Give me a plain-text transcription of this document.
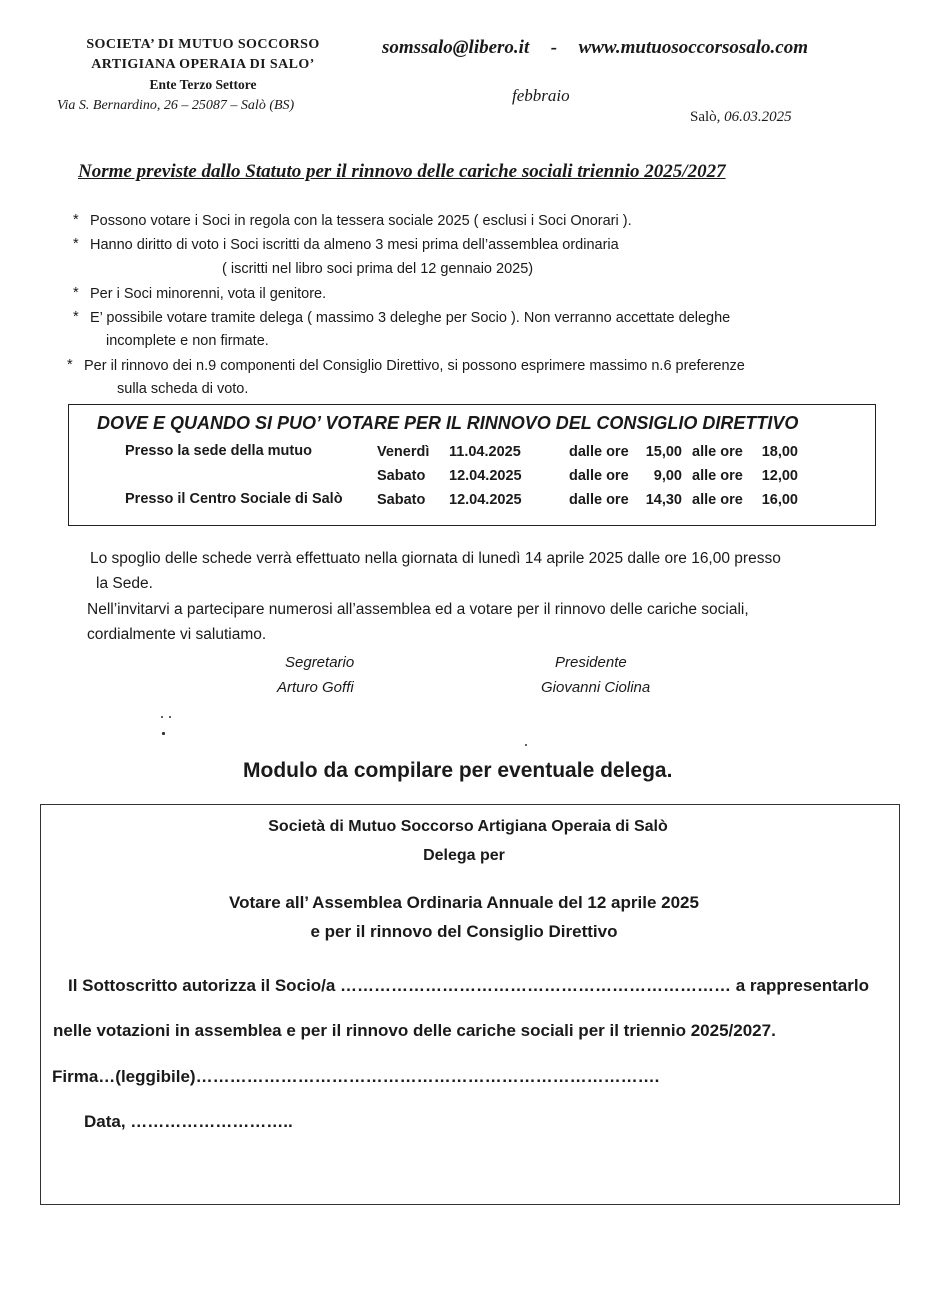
SOCIETA’ DI MUTUO SOCCORSO
ARTIGIANA OPERAIA DI SALO’
Ente Terzo Settore
Via S. Bernardino, 26 – 25087 – Salò (BS)
somssalo@libero.it - www.mutuosoccorsosalo.com
febbraio
Salò, 06.03.2025
Norme previste dallo Statuto per il rinnovo delle cariche sociali triennio 2025/2027
* Possono votare i Soci in regola con la tessera sociale 2025 ( esclusi i Soci Onorari ).
* Hanno diritto di voto i Soci iscritti da almeno 3 mesi prima dell’assemblea ordinaria
( iscritti nel libro soci prima del 12 gennaio 2025)
* Per i Soci minorenni, vota il genitore.
* E’ possibile votare tramite delega ( massimo 3 deleghe per Socio ). Non verranno accettate deleghe
incomplete e non firmate.
* Per il rinnovo dei n.9 componenti del Consiglio Direttivo, si possono esprimere massimo n.6 preferenze
sulla scheda di voto.
DOVE E QUANDO SI PUO’ VOTARE PER IL RINNOVO DEL CONSIGLIO DIRETTIVO
Presso la sede della mutuo	Venerdì 11.04.2025	dalle ore 15,00 alle ore	18,00
Sabato 12.04.2025	dalle ore	9,00 alle ore	12,00
Presso il Centro Sociale di Salò Sabato 12.04.2025	dalle ore 14,30 alle ore	16,00
Lo spoglio delle schede verrà effettuato nella giornata di lunedì 14 aprile 2025 dalle ore 16,00 presso
la Sede.
Nell’invitarvi a partecipare numerosi all’assemblea ed a votare per il rinnovo delle cariche sociali,
cordialmente vi salutiamo.
Segretario
Arturo Goffi
Presidente
Giovanni Ciolina
Modulo da compilare per eventuale delega.
Società di Mutuo Soccorso Artigiana Operaia di Salò
Delega per
Votare all’ Assemblea Ordinaria Annuale del 12 aprile 2025
e per il rinnovo del Consiglio Direttivo
Il Sottoscritto autorizza il Socio/a …………………………………………………………… a rappresentarlo
nelle votazioni in assemblea e per il rinnovo delle cariche sociali per il triennio 2025/2027.
Firma…(leggibile)……………………………………………………………………….
Data, ………………………..
